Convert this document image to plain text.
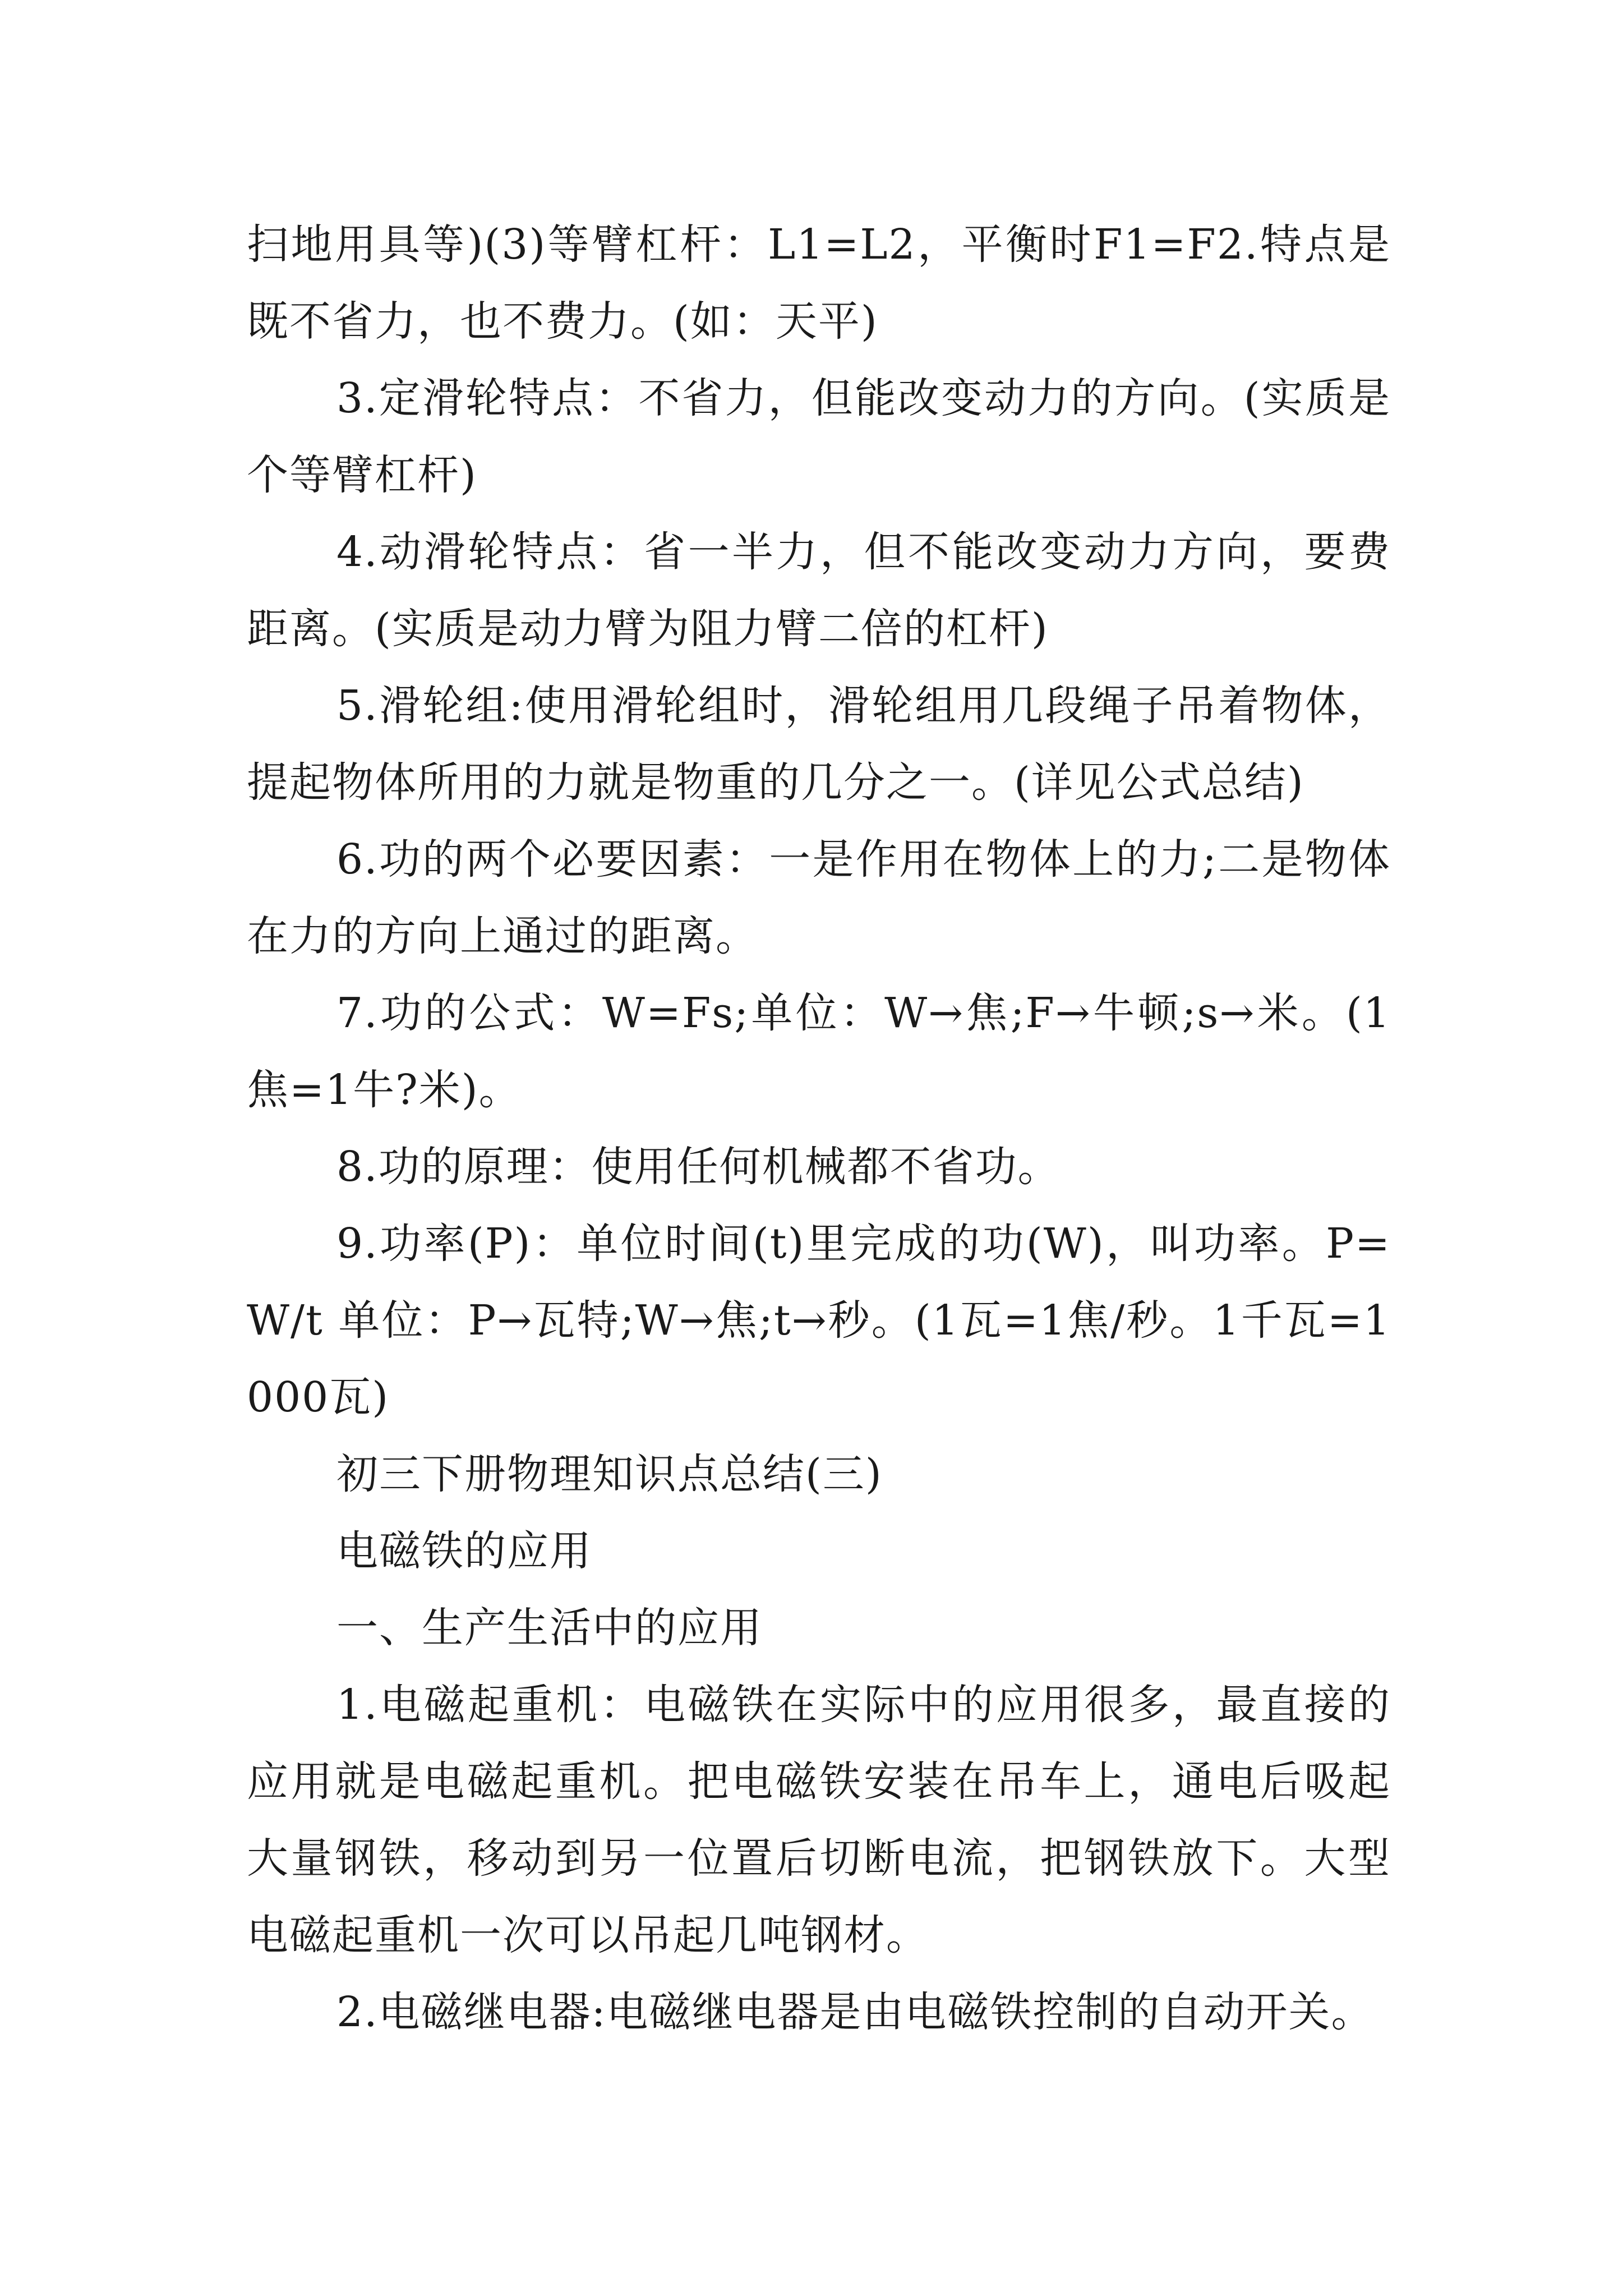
扫地用具等)(3)等臂杠杆：L1=L2，平衡时F1=F2.特点是既不省力，也不费力。(如：天平)

3.定滑轮特点：不省力，但能改变动力的方向。(实质是个等臂杠杆)

4.动滑轮特点：省一半力，但不能改变动力方向，要费距离。(实质是动力臂为阻力臂二倍的杠杆)

5.滑轮组:使用滑轮组时，滑轮组用几段绳子吊着物体，提起物体所用的力就是物重的几分之一。(详见公式总结)

6.功的两个必要因素：一是作用在物体上的力;二是物体在力的方向上通过的距离。

7.功的公式：W=Fs;单位：W→焦;F→牛顿;s→米。(1焦=1牛?米)。

8.功的原理：使用任何机械都不省功。

9.功率(P)：单位时间(t)里完成的功(W)，叫功率。P=W/t 单位：P→瓦特;W→焦;t→秒。(1瓦=1焦/秒。1千瓦=1000瓦)

初三下册物理知识点总结(三)

电磁铁的应用

一、生产生活中的应用

1.电磁起重机：电磁铁在实际中的应用很多，最直接的应用就是电磁起重机。把电磁铁安装在吊车上，通电后吸起大量钢铁，移动到另一位置后切断电流，把钢铁放下。大型电磁起重机一次可以吊起几吨钢材。

2.电磁继电器:电磁继电器是由电磁铁控制的自动开关。
